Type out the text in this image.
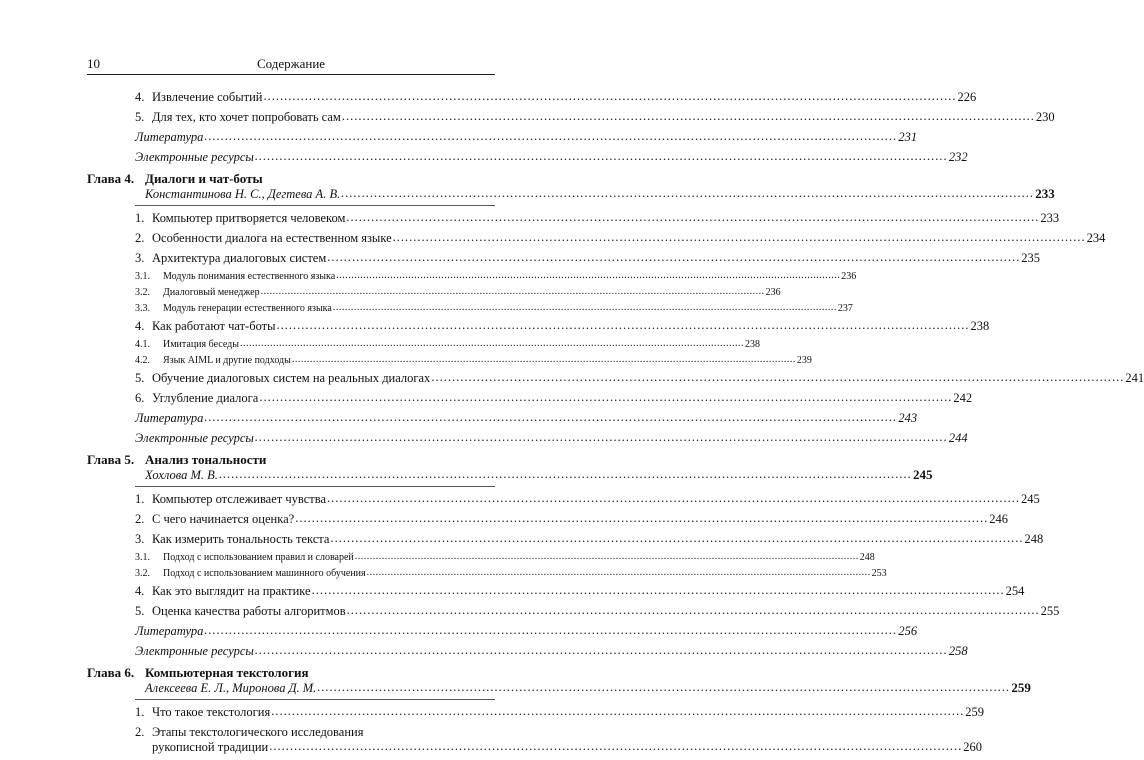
10	Содержание
4. Извлечение событий .....	226
5. Для тех, кто хочет попробовать сам .....	230
Литература .....	231
Электронные ресурсы .....	232
Глава 4. Диалоги и чат-боты
Константинова Н. С., Дегтева А. В. .....	233
1. Компьютер притворяется человеком .....	233
2. Особенности диалога на естественном языке .....	234
3. Архитектура диалоговых систем .....	235
3.1.	Модуль понимания естественного языка .....	236
3.2.	Диалоговый менеджер .....	236
3.3.	Модуль генерации естественного языка .....	237
4. Как работают чат-боты .....	238
4.1.	Имитация беседы .....	238
4.2.	Язык AIML и другие подходы .....	239
5. Обучение диалоговых систем на реальных диалогах .....	241
6. Углубление диалога .....	242
Литература .....	243
Электронные ресурсы .....	244
Глава 5. Анализ тональности
Хохлова М. В. .....	245
1. Компьютер отслеживает чувства .....	245
2. С чего начинается оценка? .....	246
3. Как измерить тональность текста .....	248
3.1.	Подход с использованием правил и словарей .....	248
3.2.	Подход с использованием машинного обучения .....	253
4. Как это выглядит на практике .....	254
5. Оценка качества работы алгоритмов .....	255
Литература .....	256
Электронные ресурсы .....	258
Глава 6. Компьютерная текстология
Алексеева Е. Л., Миронова Д. М. .....	259
1. Что такое текстология .....	259
2. Этапы текстологического исследования
рукописной традиции .....	260
